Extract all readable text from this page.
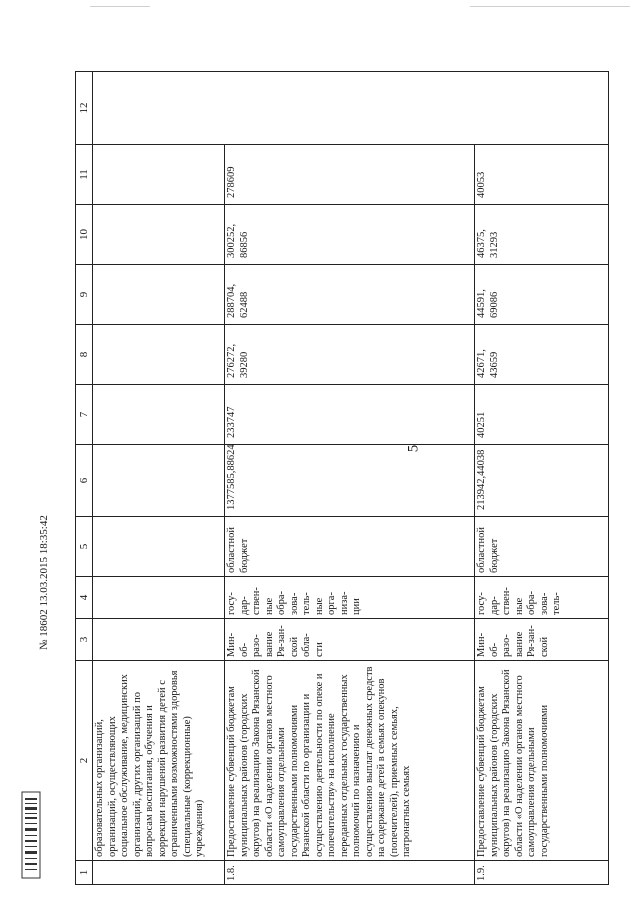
5
1	2	3	4	5	6	7	8	9	10	11	12
	образовательных организаций, организаций, осуществляющих социальное обслуживание, медицинских организаций, других организаций по вопросам воспитания, обучения и коррекции нарушений развития детей с ограниченными возможностями здоровья (специальные (коррекционные) учреждения)										
1.8.	Предоставление субвенций бюджетам муниципальных районов (городских округов) на реализацию Закона Рязанской области «О наделении органов местного самоуправления отдельными государственными полномочиями Рязанской области по организации и осуществлению деятельности по опеке и попечительству» на исполнение переданных отдельных государственных полномочий по назначению и осуществлению выплат денежных средств на содержание детей в семьях опекунов (попечителей), приемных семьях, патронатных семьях	Мин-об-разо-вание Ря-зан-ской обла-сти	госу-дар-ствен-ные обра-зова-тель-ные орга-низа-ции	областной бюджет	1377585,88624	233747	276272, 39280	288704, 62488	300252, 86856	278609	
1.9.	Предоставление субвенций бюджетам муниципальных районов (городских округов) на реализацию Закона Рязанской области «О наделении органов местного самоуправления отдельными государственными полномочиями	Мин-об-разо-вание Ря-зан-ской	госу-дар-ствен-ные обра-зова-тель-	областной бюджет	213942,44038	40251	42671, 43659	44591, 69086	46375, 31293	40053	
№ 18602 13.03.2015 18:35:42
